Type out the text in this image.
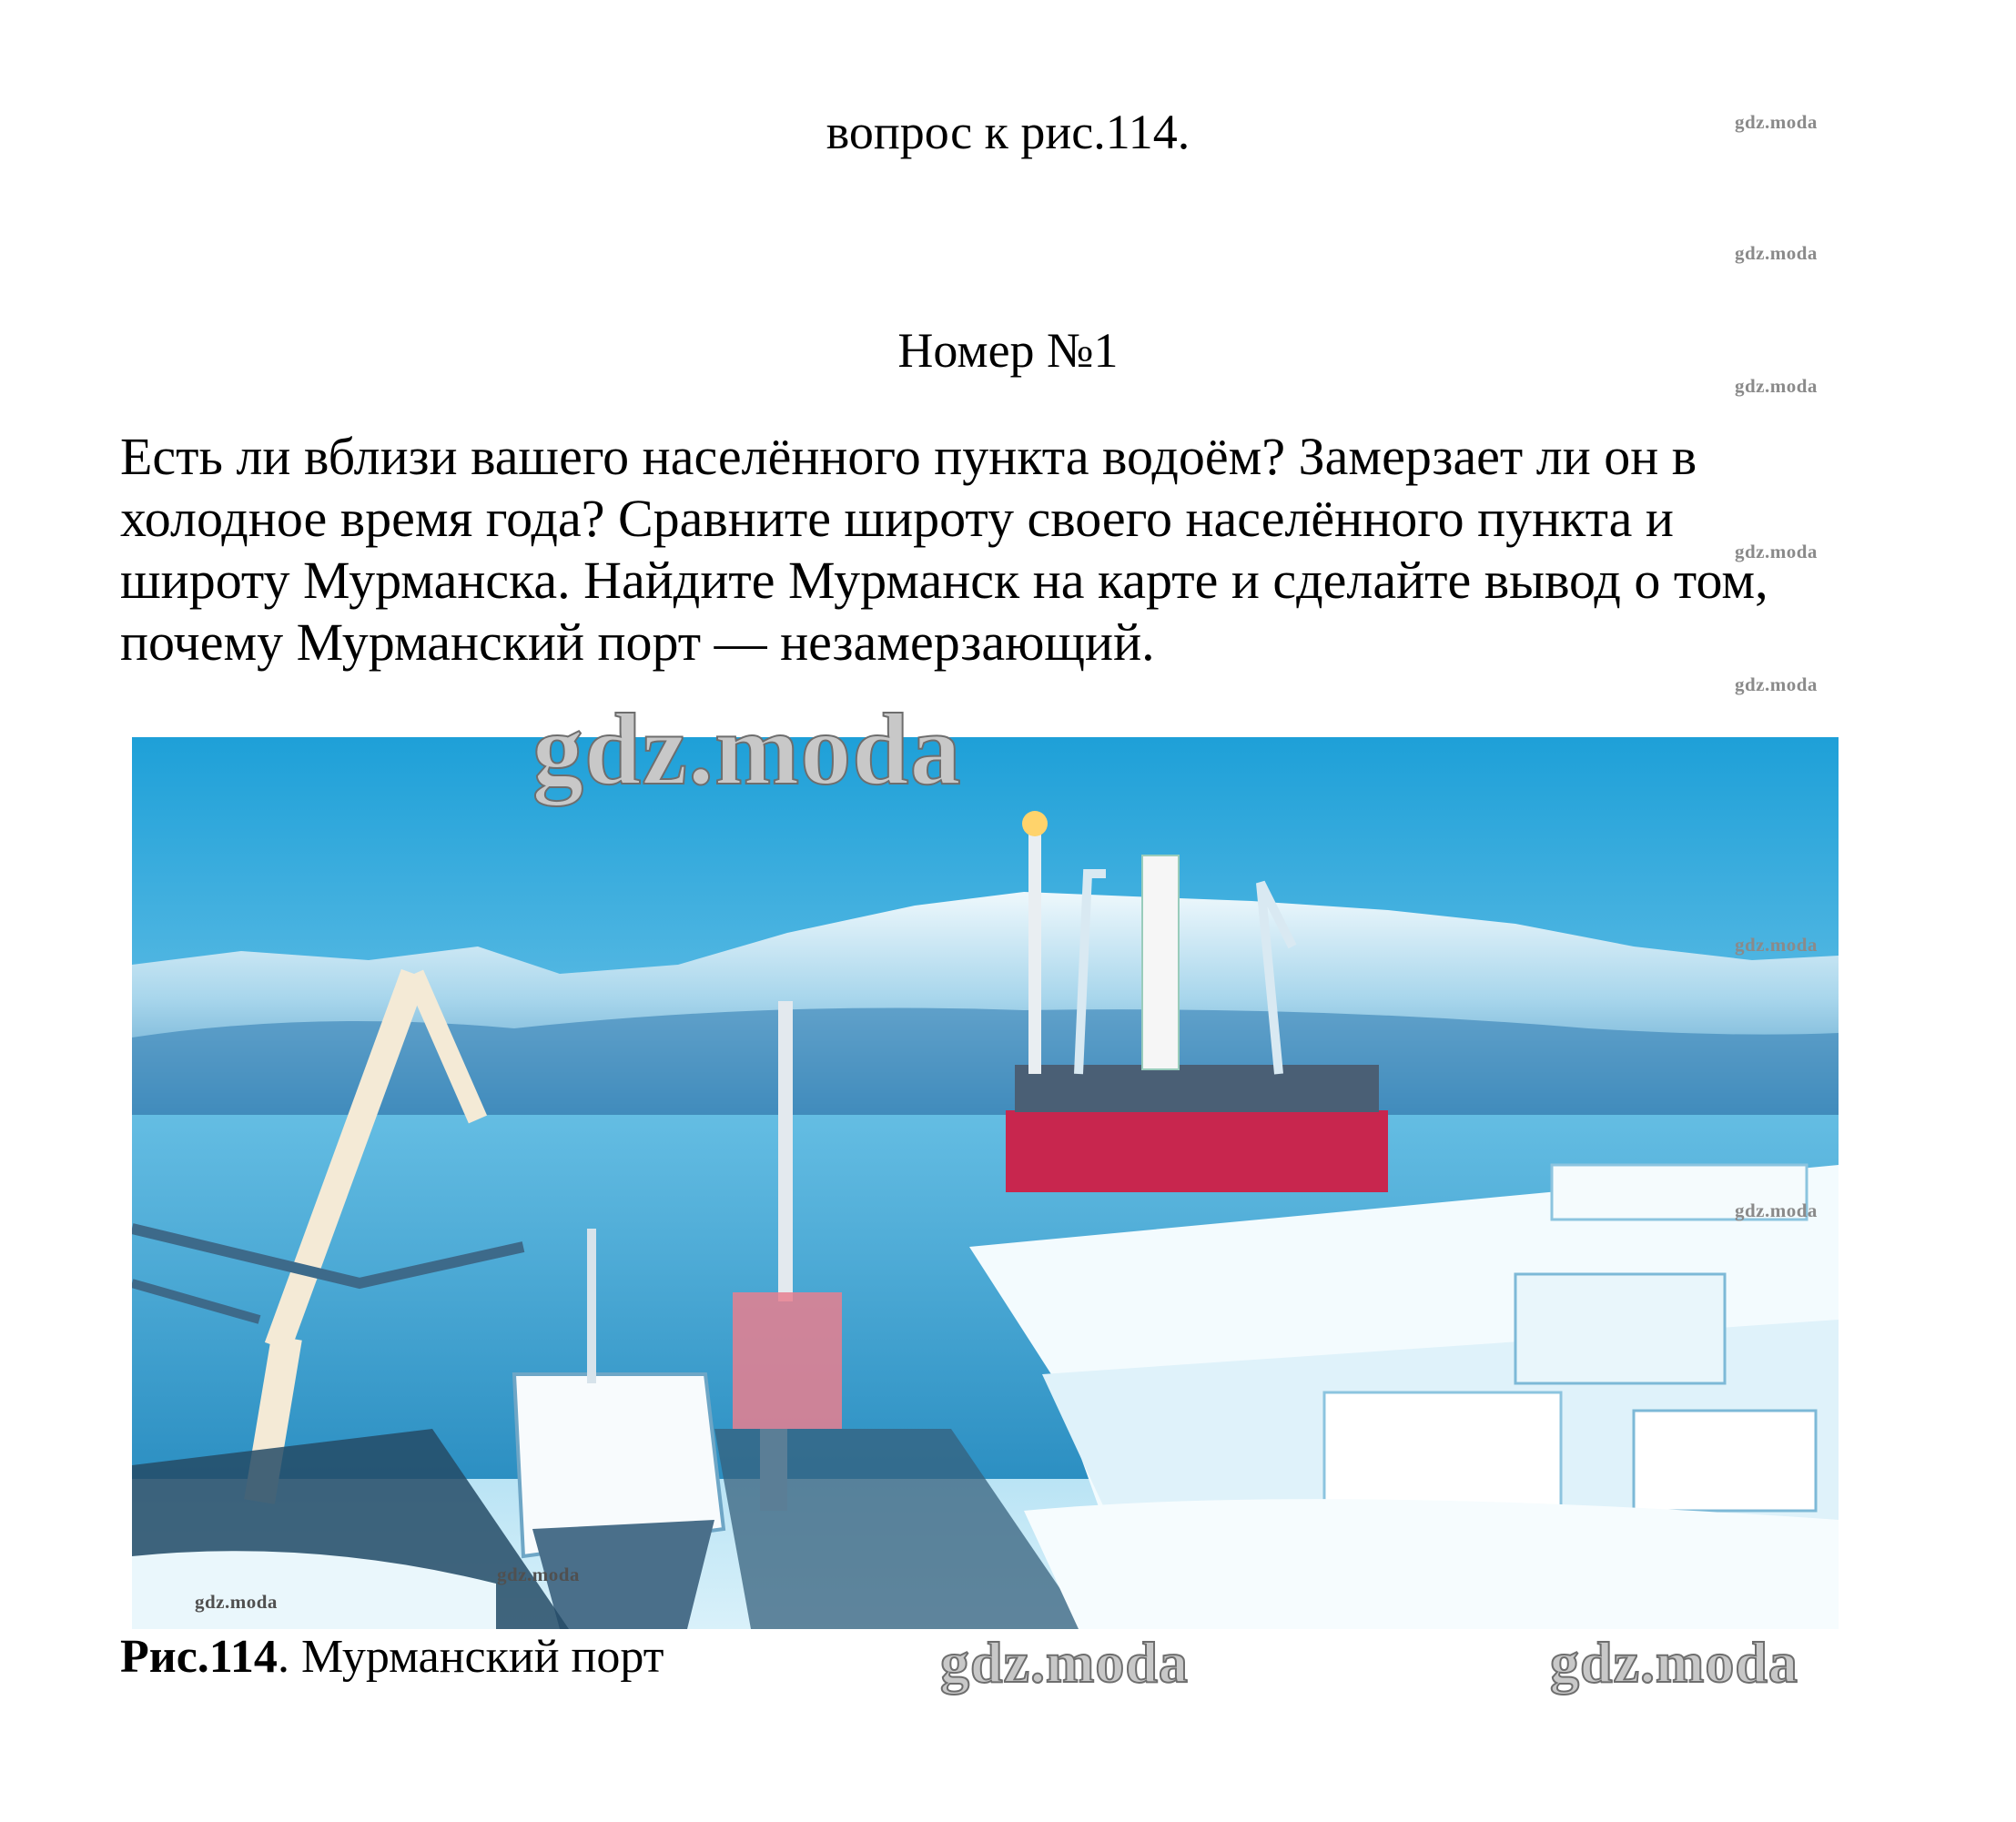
вопрос к рис.114.
Номер №1
Есть ли вблизи вашего населённого пункта водоём? Замерзает ли он в
холодное время года? Сравните широту своего населённого пункта и
широту Мурманска. Найдите Мурманск на карте и сделайте вывод о том,
почему Мурманский порт — незамерзающий.
gdz.moda
gdz.moda
gdz.moda
gdz.moda
gdz.moda
gdz.moda
gdz.moda
gdz.moda
gdz.moda
gdz.moda
Рис.114. Мурманский порт	gdz.moda	gdz.moda
